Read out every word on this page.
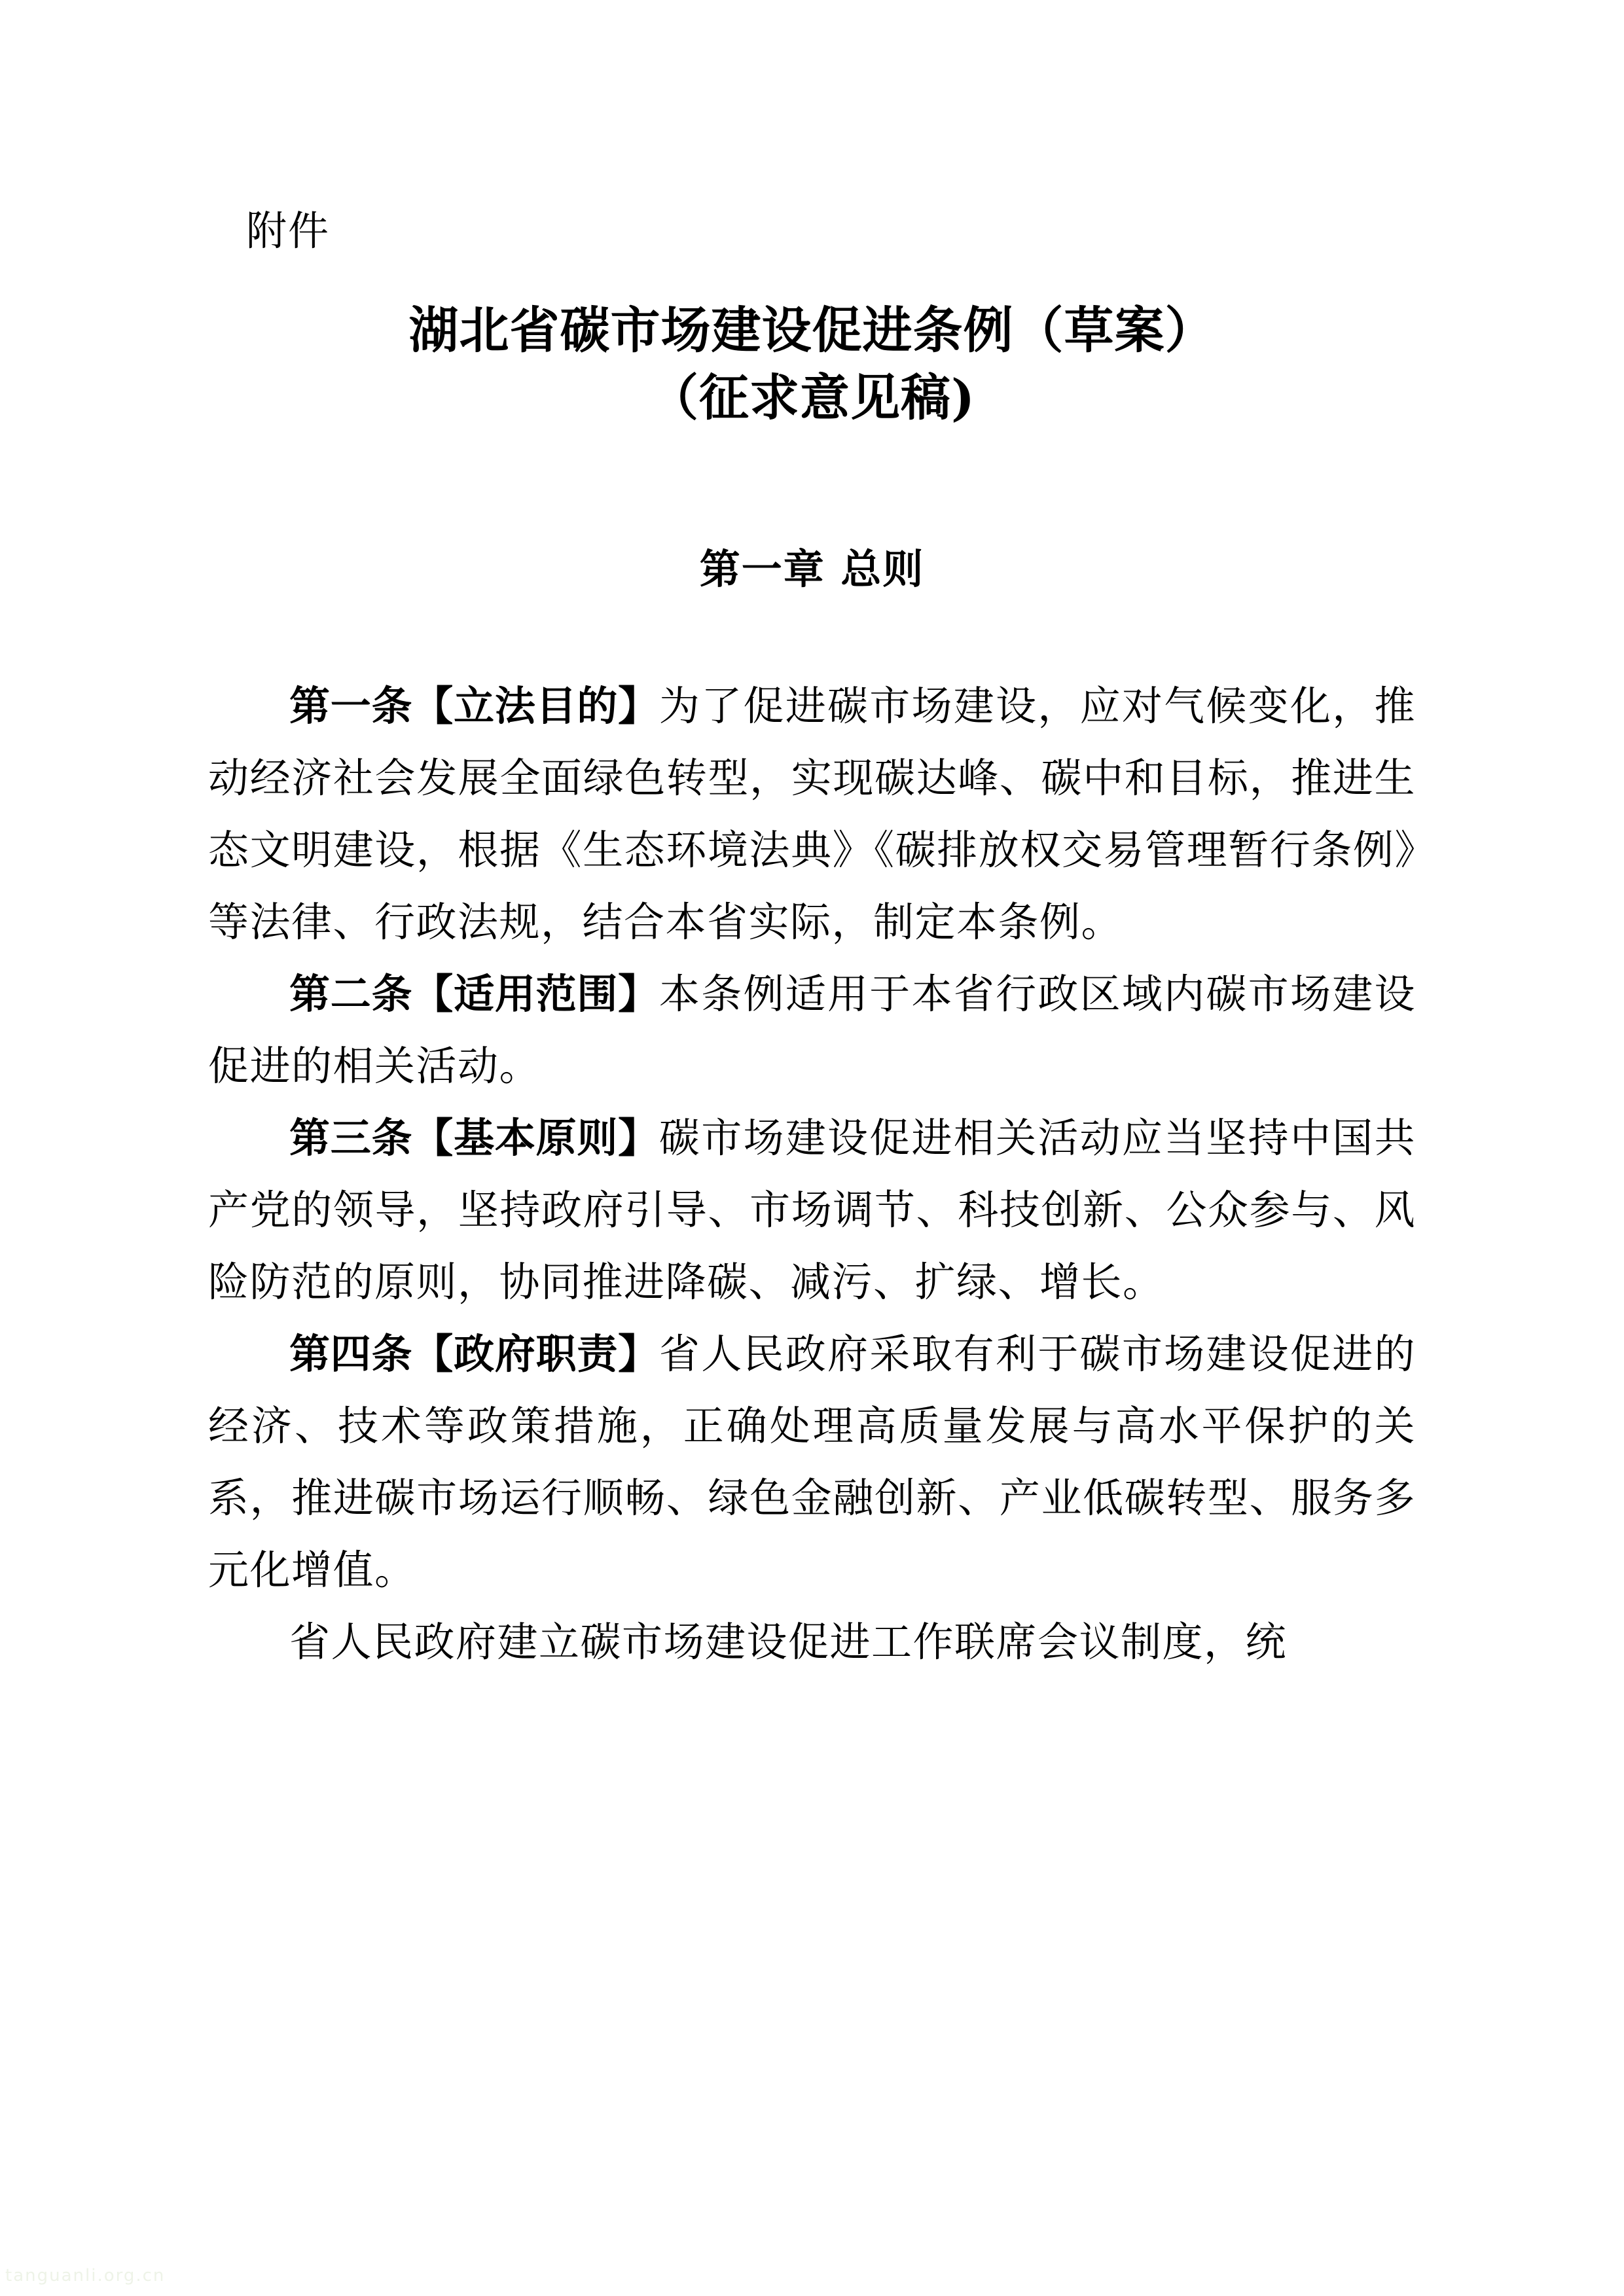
附件
湖北省碳市场建设促进条例（草案）
（征求意见稿)
第一章 总则

第一条【立法目的】为了促进碳市场建设，应对气候变化，推动经济社会发展全面绿色转型，实现碳达峰、碳中和目标，推进生态文明建设，根据《生态环境法典》《碳排放权交易管理暂行条例》等法律、行政法规，结合本省实际，制定本条例。

第二条【适用范围】本条例适用于本省行政区域内碳市场建设促进的相关活动。

第三条【基本原则】碳市场建设促进相关活动应当坚持中国共产党的领导，坚持政府引导、市场调节、科技创新、公众参与、风险防范的原则，协同推进降碳、减污、扩绿、增长。

第四条【政府职责】省人民政府采取有利于碳市场建设促进的经济、技术等政策措施，正确处理高质量发展与高水平保护的关系，推进碳市场运行顺畅、绿色金融创新、产业低碳转型、服务多元化增值。

省人民政府建立碳市场建设促进工作联席会议制度，统

tanguanli.org.cn
